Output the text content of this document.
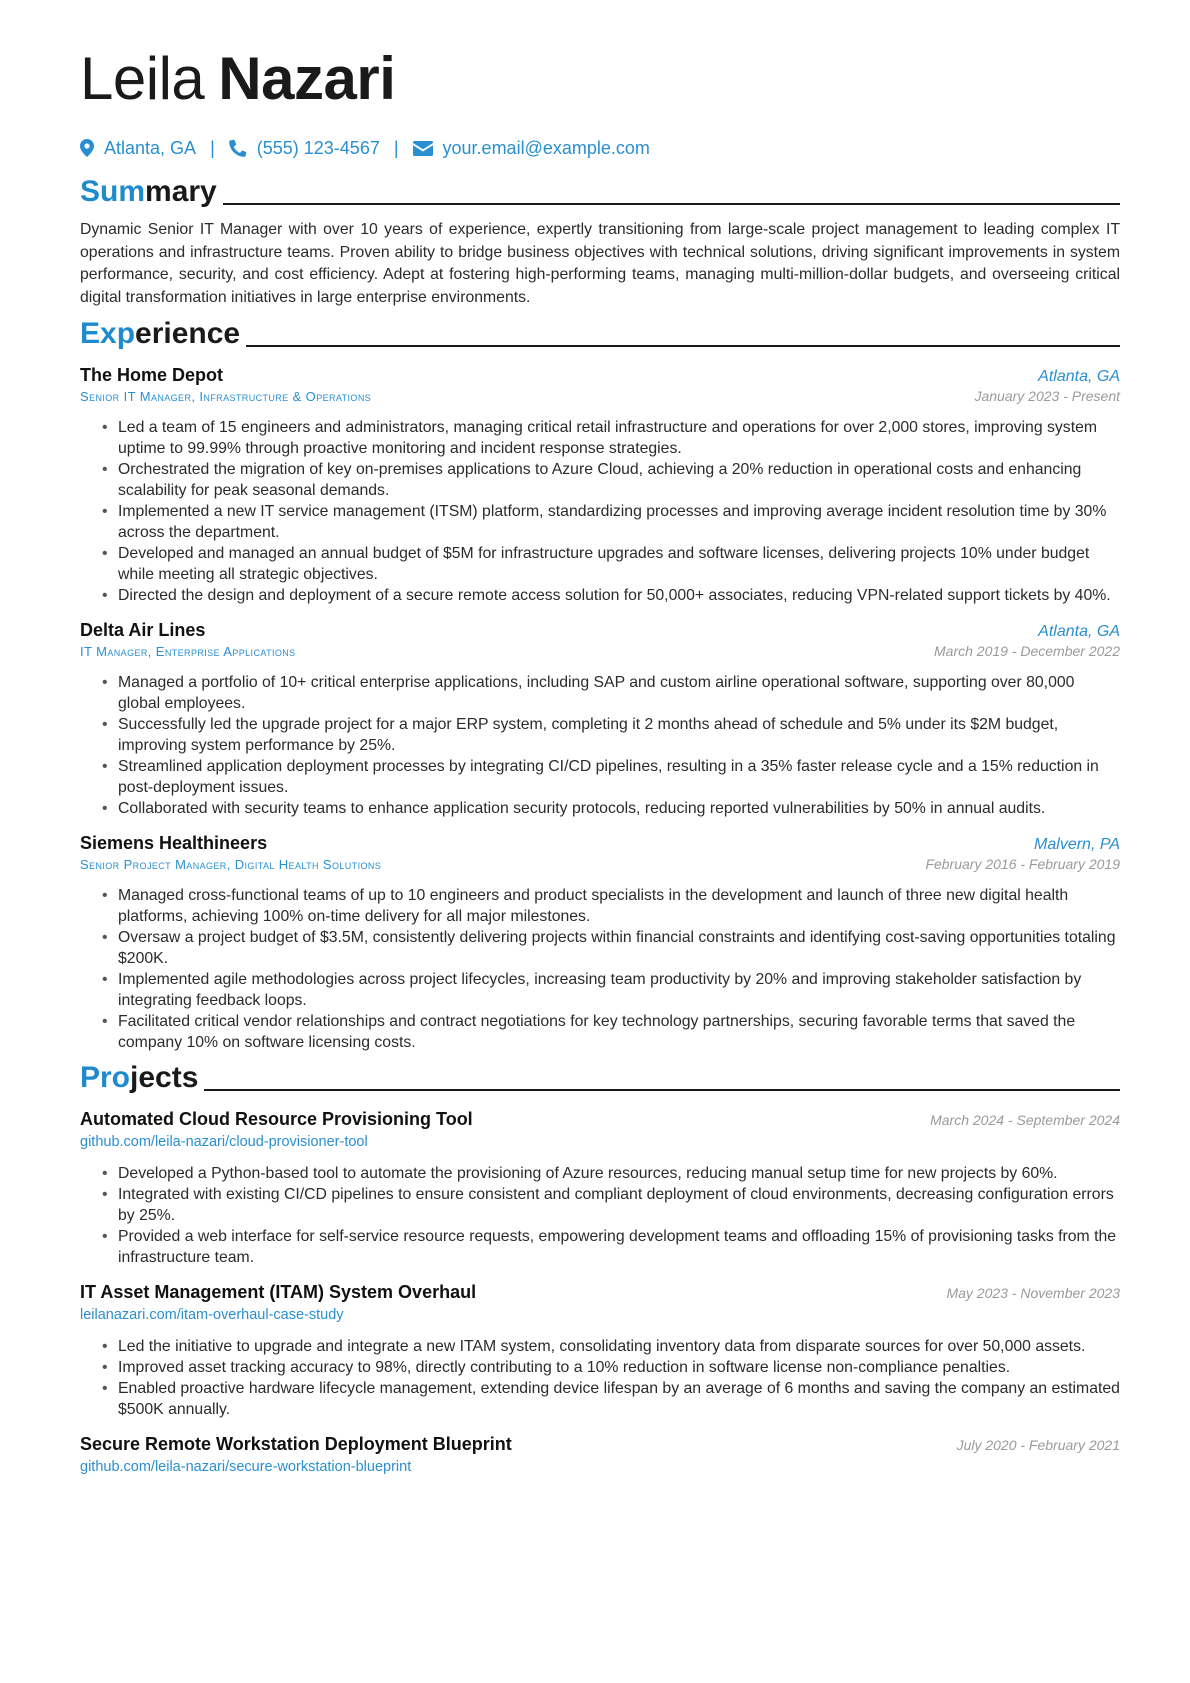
Leila Nazari
Atlanta, GA | (555) 123-4567 | your.email@example.com
Summary

Dynamic Senior IT Manager with over 10 years of experience, expertly transitioning from large-scale project management to leading complex IT operations and infrastructure teams. Proven ability to bridge business objectives with technical solutions, driving significant improvements in system performance, security, and cost efficiency. Adept at fostering high-performing teams, managing multi-million-dollar budgets, and overseeing critical digital transformation initiatives in large enterprise environments.

Experience
The Home Depot	Atlanta, GA
Senior IT Manager, Infrastructure & Operations	January 2023 - Present
• Led a team of 15 engineers and administrators, managing critical retail infrastructure and operations for over 2,000 stores, improving system uptime to 99.99% through proactive monitoring and incident response strategies.
• Orchestrated the migration of key on-premises applications to Azure Cloud, achieving a 20% reduction in operational costs and enhancing scalability for peak seasonal demands.
• Implemented a new IT service management (ITSM) platform, standardizing processes and improving average incident resolution time by 30% across the department.
• Developed and managed an annual budget of $5M for infrastructure upgrades and software licenses, delivering projects 10% under budget while meeting all strategic objectives.
• Directed the design and deployment of a secure remote access solution for 50,000+ associates, reducing VPN-related support tickets by 40%.
Delta Air Lines	Atlanta, GA
IT Manager, Enterprise Applications	March 2019 - December 2022
• Managed a portfolio of 10+ critical enterprise applications, including SAP and custom airline operational software, supporting over 80,000 global employees.
• Successfully led the upgrade project for a major ERP system, completing it 2 months ahead of schedule and 5% under its $2M budget, improving system performance by 25%.
• Streamlined application deployment processes by integrating CI/CD pipelines, resulting in a 35% faster release cycle and a 15% reduction in post-deployment issues.
• Collaborated with security teams to enhance application security protocols, reducing reported vulnerabilities by 50% in annual audits.
Siemens Healthineers	Malvern, PA
Senior Project Manager, Digital Health Solutions	February 2016 - February 2019
• Managed cross-functional teams of up to 10 engineers and product specialists in the development and launch of three new digital health platforms, achieving 100% on-time delivery for all major milestones.
• Oversaw a project budget of $3.5M, consistently delivering projects within financial constraints and identifying cost-saving opportunities totaling $200K.
• Implemented agile methodologies across project lifecycles, increasing team productivity by 20% and improving stakeholder satisfaction by integrating feedback loops.
• Facilitated critical vendor relationships and contract negotiations for key technology partnerships, securing favorable terms that saved the company 10% on software licensing costs.
Projects
Automated Cloud Resource Provisioning Tool	March 2024 - September 2024
github.com/leila-nazari/cloud-provisioner-tool
• Developed a Python-based tool to automate the provisioning of Azure resources, reducing manual setup time for new projects by 60%.
• Integrated with existing CI/CD pipelines to ensure consistent and compliant deployment of cloud environments, decreasing configuration errors by 25%.
• Provided a web interface for self-service resource requests, empowering development teams and offloading 15% of provisioning tasks from the infrastructure team.
IT Asset Management (ITAM) System Overhaul	May 2023 - November 2023
leilanazari.com/itam-overhaul-case-study
• Led the initiative to upgrade and integrate a new ITAM system, consolidating inventory data from disparate sources for over 50,000 assets.
• Improved asset tracking accuracy to 98%, directly contributing to a 10% reduction in software license non-compliance penalties.
• Enabled proactive hardware lifecycle management, extending device lifespan by an average of 6 months and saving the company an estimated $500K annually.
Secure Remote Workstation Deployment Blueprint	July 2020 - February 2021
github.com/leila-nazari/secure-workstation-blueprint
